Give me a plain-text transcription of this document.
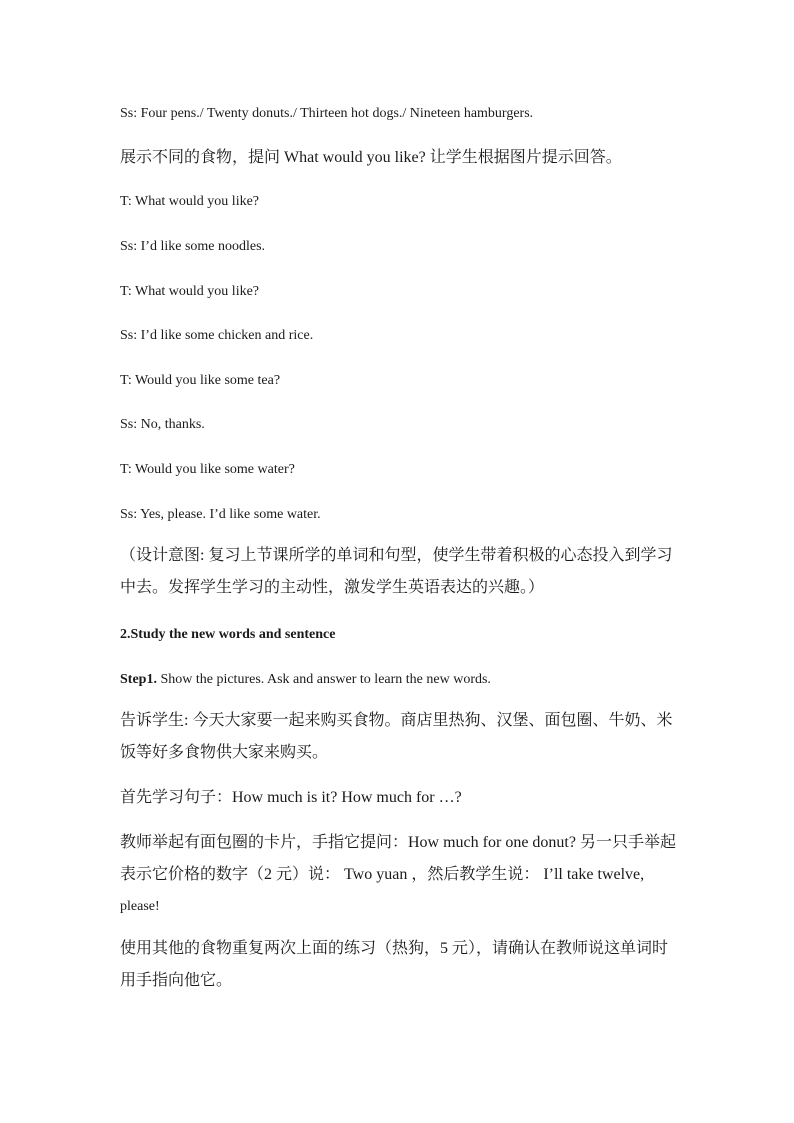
Ss: Four pens./ Twenty donuts./ Thirteen hot dogs./ Nineteen hamburgers.
展示不同的食物，提问 What would you like? 让学生根据图片提示回答。
T: What would you like?
Ss: I’d like some noodles.
T: What would you like?
Ss: I’d like some chicken and rice.
T: Would you like some tea?
Ss: No, thanks.
T: Would you like some water?
Ss: Yes, please. I’d like some water.
（设计意图: 复习上节课所学的单词和句型，使学生带着积极的心态投入到学习
中去。发挥学生学习的主动性，激发学生英语表达的兴趣。）
2.Study the new words and sentence
Step1. Show the pictures. Ask and answer to learn the new words.
告诉学生: 今天大家要一起来购买食物。商店里热狗、汉堡、面包圈、牛奶、米
饭等好多食物供大家来购买。
首先学习句子：How much is it? How much for …?
教师举起有面包圈的卡片，手指它提问：How much for one donut? 另一只手举起
表示它价格的数字（2 元）说： Two yuan ，然后教学生说： I’ll take twelve,
please!
使用其他的食物重复两次上面的练习（热狗，5 元），请确认在教师说这单词时
用手指向他它。
